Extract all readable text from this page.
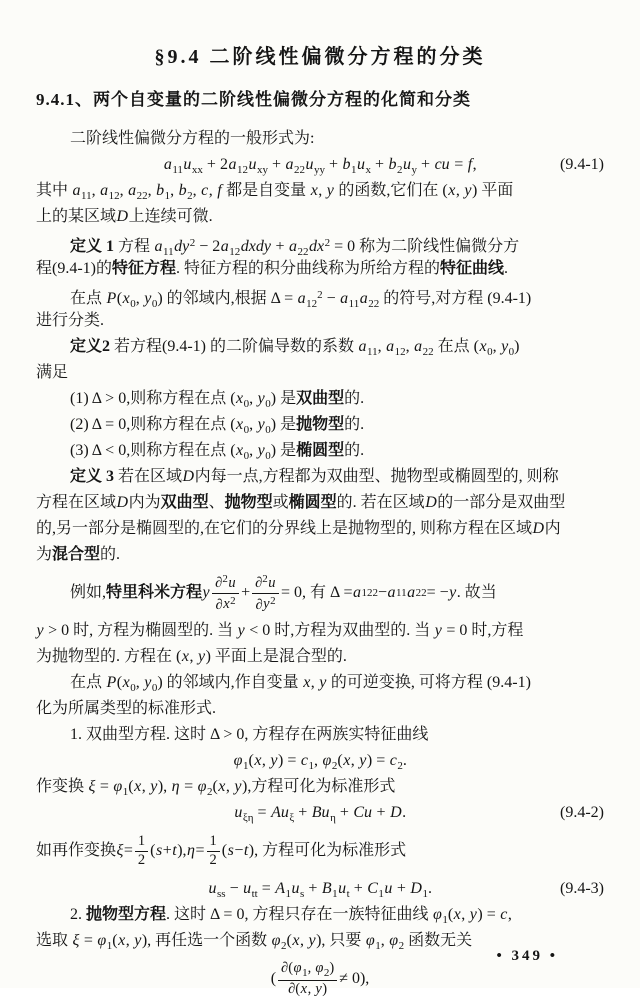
§9.4 二阶线性偏微分方程的分类
9.4.1、两个自变量的二阶线性偏微分方程的化简和分类
二阶线性偏微分方程的一般形式为:
$a_{11}u_{xx} + 2a_{12}u_{xy} + a_{22}u_{yy} + b_1u_x + b_2u_y$ + cu = f,	(9.4-1)
其中 $a_{11}$, $a_{12}$, $a_{22}$, $b_1$, $b_2$, c, f 都是自变量 x, y 的函数,它们在 (x, y) 平面
上的某区域D上连续可微.
定义 1 方程 $a_{11}dy^2$ − $2a_{12}dxdy + a_{22}dx^2 = 0$ 称为二阶线性偏微分方
程(9.4-1)的特征方程. 特征方程的积分曲线称为所给方程的特征曲线.
在点 $P(x_0$, $y_0$) 的邻域内,根据 $\Delta = a_{12}^2 - a_{11}a_{22}$ 的符号,对方程 (9.4-1)
进行分类.
定义2 若方程(9.4-1) 的二阶偏导数的系数 $a_{11}$, $a_{12}$, $a_{22}$ 在点 ($x_0$, $y_0$)
满足
(1) Δ > 0,则称方程在点 ($x_0$, $y_0$) 是双曲型的.
(2) Δ = 0,则称方程在点 ($x_0$, $y_0$) 是抛物型的.
(3) Δ < 0,则称方程在点 ($x_0$, $y_0$) 是椭圆型的.
定义 3 若在区域D内每一点,方程都为双曲型、抛物型或椭圆型的, 则称
方程在区域D内为双曲型、抛物型或椭圆型的. 若在区域D的一部分是双曲型
的,另一部分是椭圆型的,在它们的分界线上是抛物型的, 则称方程在区域D内
为混合型的.
例如, 特里科米方程 y $\frac{\partial^2u}{\partial x^2} + \frac{\partial^2u}{\partial y^2} = 0$, 有 Δ = a 12 2 − a 11 a 22 = − y . 故当
y > 0 时, 方程为椭圆型的. 当 y < 0 时,方程为双曲型的. 当 y = 0 时,方程
为抛物型的. 方程在 (x, y) 平面上是混合型的.
在点 $P(x_0$, $y_0$) 的邻域内,作自变量 x, y 的可逆变换, 可将方程 (9.4-1)
化为所属类型的标准形式.
1. 双曲型方程. 这时 Δ > 0, 方程存在两族实特征曲线
$\varphi_1(x$, $y) = c_1$, $\varphi_2(x$, $y) = c_2$.
作变换 $\xi = \varphi_1(x$, y), $\eta = \varphi_2(x$, y),方程可化为标准形式
$u_{\xi\eta} = Au_\xi + Bu_\eta + Cu + D$.	(9.4-2)
如再作变换 $\xi = \frac{1}{2}$ ( s + t ), $\eta = \frac{1}{2}$ ( s − t ), 方程可化为标准形式
$u_{ss} - u_{tt} = A_1u_s + B_1u_t + C_1u + D_1$.	(9.4-3)
2. 抛物型方程. 这时 Δ = 0, 方程只存在一族特征曲线 $\varphi_1(x$, y) = c,
选取 $\xi = \varphi_1(x$, y), 再任选一个函数 $\varphi_2(x$, y), 只要 $\varphi_1$, $\varphi_2$ 函数无关
( $\frac{\partial(\varphi_1, \varphi_2)}{\partial(x, y)} \ne 0$),
• 349 •
